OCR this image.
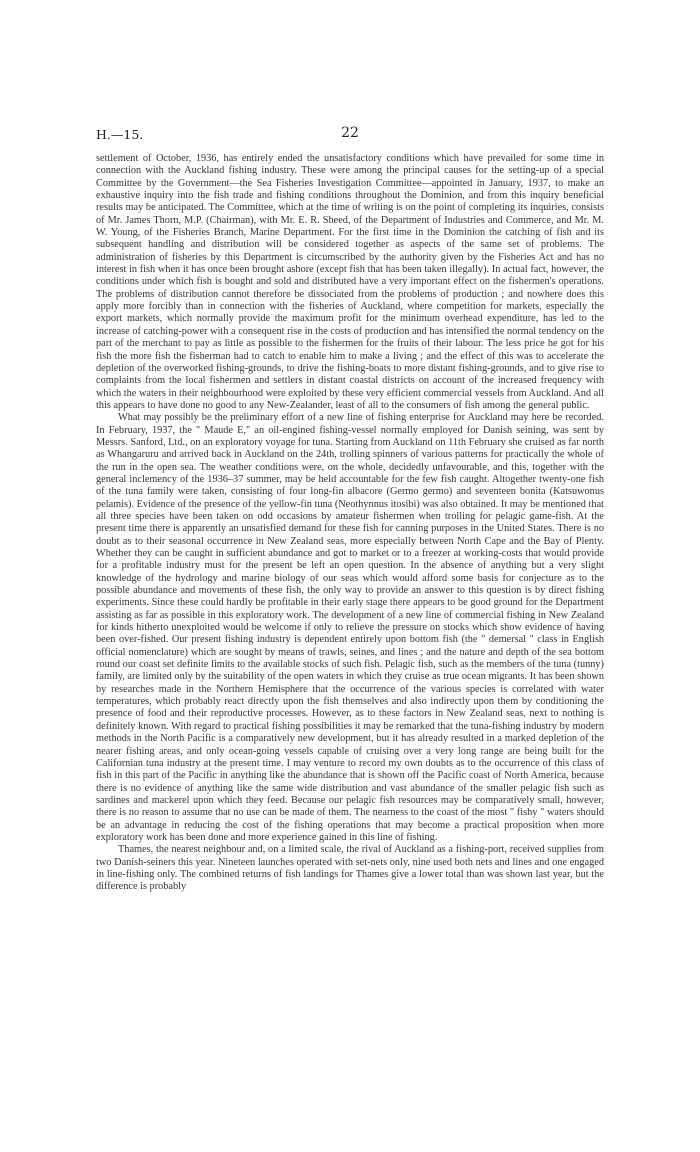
H.—15.	22

settlement of October, 1936, has entirely ended the unsatisfactory conditions which have prevailed for some time in connection with the Auckland fishing industry. These were among the principal causes for the setting-up of a special Committee by the Government—the Sea Fisheries Investigation Committee—appointed in January, 1937, to make an exhaustive inquiry into the fish trade and fishing conditions throughout the Dominion, and from this inquiry beneficial results may be anticipated. The Committee, which at the time of writing is on the point of completing its inquiries, consists of Mr. James Thorn, M.P. (Chairman), with Mr. E. R. Sheed, of the Department of Industries and Commerce, and Mr. M. W. Young, of the Fisheries Branch, Marine Department. For the first time in the Dominion the catching of fish and its subsequent handling and distribution will be considered together as aspects of the same set of problems. The administration of fisheries by this Department is circumscribed by the authority given by the Fisheries Act and has no interest in fish when it has once been brought ashore (except fish that has been taken illegally). In actual fact, however, the conditions under which fish is bought and sold and distributed have a very important effect on the fishermen's operations. The problems of distribution cannot therefore be dissociated from the problems of production ; and nowhere does this apply more forcibly than in connection with the fisheries of Auckland, where competition for markets, especially the export markets, which normally provide the maximum profit for the minimum overhead expenditure, has led to the increase of catching-power with a consequent rise in the costs of production and has intensified the normal tendency on the part of the merchant to pay as little as possible to the fishermen for the fruits of their labour. The less price he got for his fish the more fish the fisherman had to catch to enable him to make a living ; and the effect of this was to accelerate the depletion of the overworked fishing-grounds, to drive the fishing-boats to more distant fishing-grounds, and to give rise to complaints from the local fishermen and settlers in distant coastal districts on account of the increased frequency with which the waters in their neighbourhood were exploited by these very efficient commercial vessels from Auckland. And all this appears to have done no good to any New-Zealander, least of all to the consumers of fish among the general public.

What may possibly be the preliminary effort of a new line of fishing enterprise for Auckland may here be recorded. In February, 1937, the " Maude E," an oil-engined fishing-vessel normally employed for Danish seining, was sent by Messrs. Sanford, Ltd., on an exploratory voyage for tuna. Starting from Auckland on 11th February she cruised as far north as Whangaruru and arrived back in Auckland on the 24th, trolling spinners of various patterns for practically the whole of the run in the open sea. The weather conditions were, on the whole, decidedly unfavourable, and this, together with the general inclemency of the 1936–37 summer, may be held accountable for the few fish caught. Altogether twenty-one fish of the tuna family were taken, consisting of four long-fin albacore (Germo germo) and seventeen bonita (Katsuwonus pelamis). Evidence of the presence of the yellow-fin tuna (Neothynnus itosibi) was also obtained. It may be mentioned that all three species have been taken on odd occasions by amateur fishermen when trolling for pelagic game-fish. At the present time there is apparently an unsatisfied demand for these fish for canning purposes in the United States. There is no doubt as to their seasonal occurrence in New Zealand seas, more especially between North Cape and the Bay of Plenty. Whether they can be caught in sufficient abundance and got to market or to a freezer at working-costs that would provide for a profitable industry must for the present be left an open question. In the absence of anything but a very slight knowledge of the hydrology and marine biology of our seas which would afford some basis for conjecture as to the possible abundance and movements of these fish, the only way to provide an answer to this question is by direct fishing experiments. Since these could hardly be profitable in their early stage there appears to be good ground for the Department assisting as far as possible in this exploratory work. The development of a new line of commercial fishing in New Zealand for kinds hitherto unexploited would be welcome if only to relieve the pressure on stocks which show evidence of having been over-fished. Our present fishing industry is dependent entirely upon bottom fish (the " demersal " class in English official nomenclature) which are sought by means of trawls, seines, and lines ; and the nature and depth of the sea bottom round our coast set definite limits to the available stocks of such fish. Pelagic fish, such as the members of the tuna (tunny) family, are limited only by the suitability of the open waters in which they cruise as true ocean migrants. It has been shown by researches made in the Northern Hemisphere that the occurrence of the various species is correlated with water temperatures, which probably react directly upon the fish themselves and also indirectly upon them by conditioning the presence of food and their reproductive processes. However, as to these factors in New Zealand seas, next to nothing is definitely known. With regard to practical fishing possibilities it may be remarked that the tuna-fishing industry by modern methods in the North Pacific is a comparatively new development, but it has already resulted in a marked depletion of the nearer fishing areas, and only ocean-going vessels capable of cruising over a very long range are being built for the Californian tuna industry at the present time. I may venture to record my own doubts as to the occurrence of this class of fish in this part of the Pacific in anything like the abundance that is shown off the Pacific coast of North America, because there is no evidence of anything like the same wide distribution and vast abundance of the smaller pelagic fish such as sardines and mackerel upon which they feed. Because our pelagic fish resources may be comparatively small, however, there is no reason to assume that no use can be made of them. The nearness to the coast of the most " fishy " waters should be an advantage in reducing the cost of the fishing operations that may become a practical proposition when more exploratory work has been done and more experience gained in this line of fishing.

Thames, the nearest neighbour and, on a limited scale, the rival of Auckland as a fishing-port, received supplies from two Danish-seiners this year. Nineteen launches operated with set-nets only, nine used both nets and lines and one engaged in line-fishing only. The combined returns of fish landings for Thames give a lower total than was shown last year, but the difference is probably
